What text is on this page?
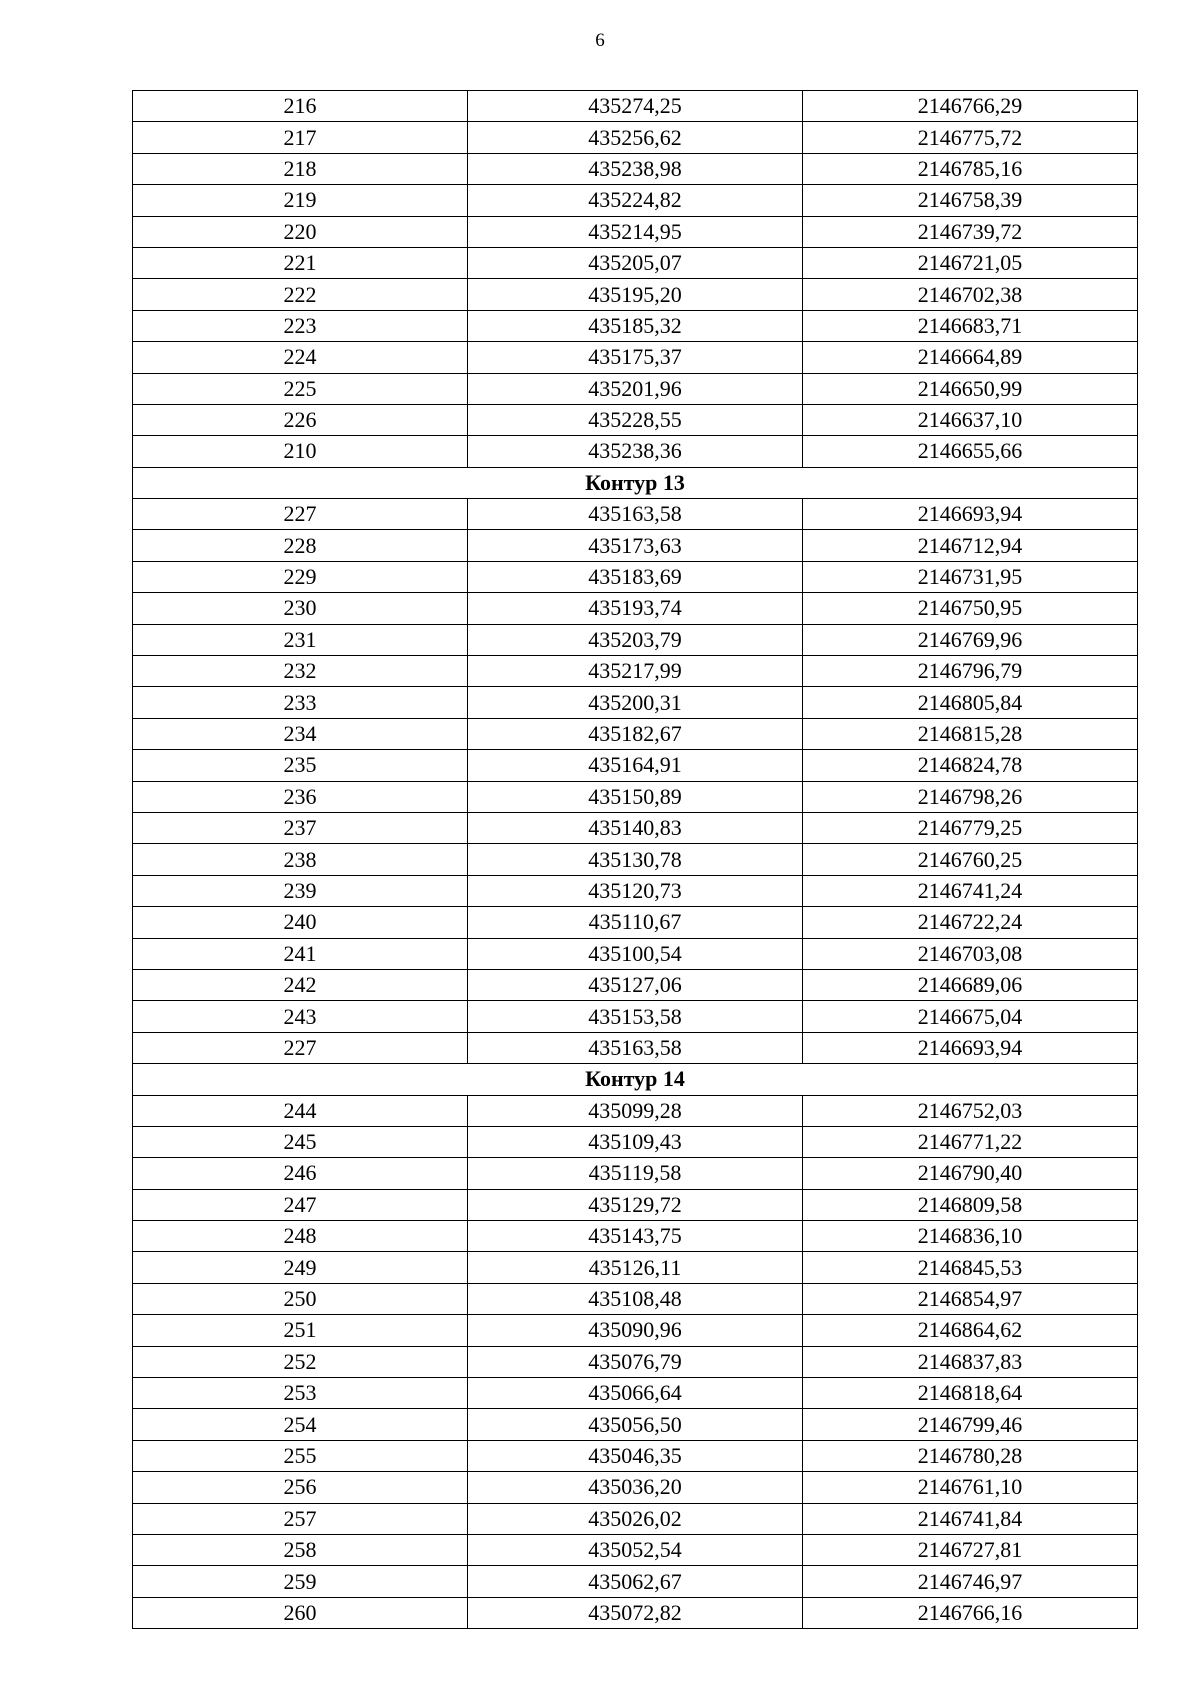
6
216	435274,25	2146766,29
217	435256,62	2146775,72
218	435238,98	2146785,16
219	435224,82	2146758,39
220	435214,95	2146739,72
221	435205,07	2146721,05
222	435195,20	2146702,38
223	435185,32	2146683,71
224	435175,37	2146664,89
225	435201,96	2146650,99
226	435228,55	2146637,10
210	435238,36	2146655,66
Контур 13		
227	435163,58	2146693,94
228	435173,63	2146712,94
229	435183,69	2146731,95
230	435193,74	2146750,95
231	435203,79	2146769,96
232	435217,99	2146796,79
233	435200,31	2146805,84
234	435182,67	2146815,28
235	435164,91	2146824,78
236	435150,89	2146798,26
237	435140,83	2146779,25
238	435130,78	2146760,25
239	435120,73	2146741,24
240	435110,67	2146722,24
241	435100,54	2146703,08
242	435127,06	2146689,06
243	435153,58	2146675,04
227	435163,58	2146693,94
Контур 14		
244	435099,28	2146752,03
245	435109,43	2146771,22
246	435119,58	2146790,40
247	435129,72	2146809,58
248	435143,75	2146836,10
249	435126,11	2146845,53
250	435108,48	2146854,97
251	435090,96	2146864,62
252	435076,79	2146837,83
253	435066,64	2146818,64
254	435056,50	2146799,46
255	435046,35	2146780,28
256	435036,20	2146761,10
257	435026,02	2146741,84
258	435052,54	2146727,81
259	435062,67	2146746,97
260	435072,82	2146766,16
